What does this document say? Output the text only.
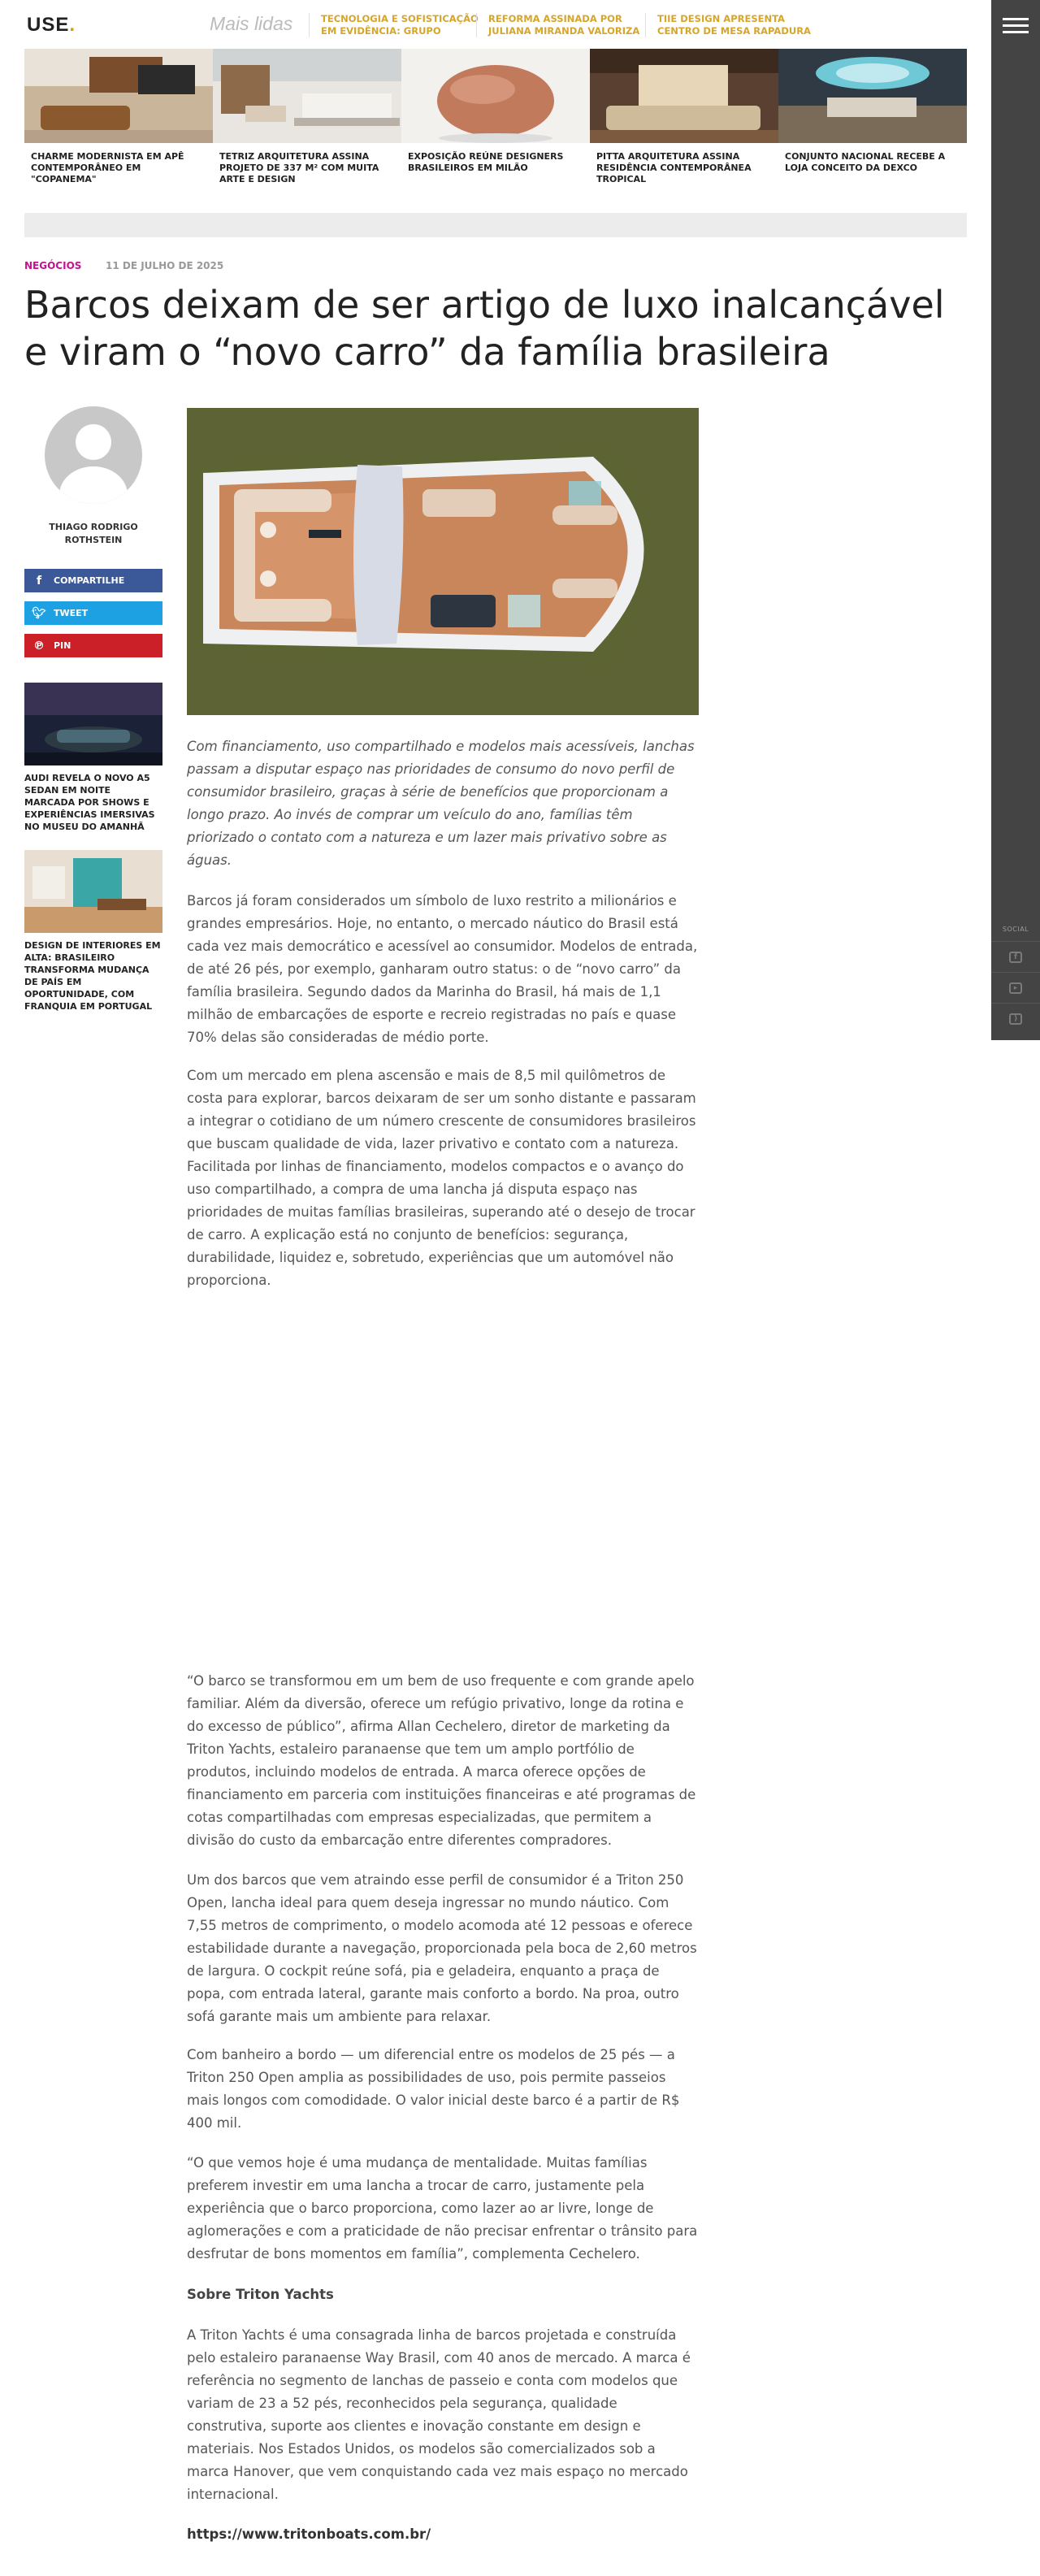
SOCIAL
f
▸
)
USE.	Mais lidas	TECNOLOGIA E SOFISTICAÇÃO EM EVIDÊNCIA: GRUPO
REFORMA ASSINADA POR JULIANA MIRANDA VALORIZA
TIIE DESIGN APRESENTA CENTRO DE MESA RAPADURA
CHARME MODERNISTA EM APÊ CONTEMPORÂNEO EM "COPANEMA"
TETRIZ ARQUITETURA ASSINA PROJETO DE 337 M² COM MUITA ARTE E DESIGN
EXPOSIÇÃO REÚNE DESIGNERS BRASILEIROS EM MILÃO
PITTA ARQUITETURA ASSINA RESIDÊNCIA CONTEMPORÂNEA TROPICAL
CONJUNTO NACIONAL RECEBE A LOJA CONCEITO DA DEXCO
NEGÓCIOS 11 DE JULHO DE 2025
Barcos deixam de ser artigo de luxo inalcançável e viram o “novo carro” da família brasileira
THIAGO RODRIGO ROTHSTEIN
f	COMPARTILHE
🐦︎ TWEET
℗	PIN
AUDI REVELA O NOVO A5 SEDAN EM NOITE MARCADA POR SHOWS E EXPERIÊNCIAS IMERSIVAS NO MUSEU DO AMANHÃ
DESIGN DE INTERIORES EM ALTA: BRASILEIRO TRANSFORMA MUDANÇA DE PAÍS EM OPORTUNIDADE, COM FRANQUIA EM PORTUGAL

Com financiamento, uso compartilhado e modelos mais acessíveis, lanchas passam a disputar espaço nas prioridades de consumo do novo perfil de consumidor brasileiro, graças à série de benefícios que proporcionam a longo prazo. Ao invés de comprar um veículo do ano, famílias têm priorizado o contato com a natureza e um lazer mais privativo sobre as águas.

Barcos já foram considerados um símbolo de luxo restrito a milionários e grandes empresários. Hoje, no entanto, o mercado náutico do Brasil está cada vez mais democrático e acessível ao consumidor. Modelos de entrada, de até 26 pés, por exemplo, ganharam outro status: o de “novo carro” da família brasileira. Segundo dados da Marinha do Brasil, há mais de 1,1 milhão de embarcações de esporte e recreio registradas no país e quase 70% delas são consideradas de médio porte.

Com um mercado em plena ascensão e mais de 8,5 mil quilômetros de costa para explorar, barcos deixaram de ser um sonho distante e passaram a integrar o cotidiano de um número crescente de consumidores brasileiros que buscam qualidade de vida, lazer privativo e contato com a natureza. Facilitada por linhas de financiamento, modelos compactos e o avanço do uso compartilhado, a compra de uma lancha já disputa espaço nas prioridades de muitas famílias brasileiras, superando até o desejo de trocar de carro. A explicação está no conjunto de benefícios: segurança, durabilidade, liquidez e, sobretudo, experiências que um automóvel não proporciona.

“O barco se transformou em um bem de uso frequente e com grande apelo familiar. Além da diversão, oferece um refúgio privativo, longe da rotina e do excesso de público”, afirma Allan Cechelero, diretor de marketing da Triton Yachts, estaleiro paranaense que tem um amplo portfólio de produtos, incluindo modelos de entrada. A marca oferece opções de financiamento em parceria com instituições financeiras e até programas de cotas compartilhadas com empresas especializadas, que permitem a divisão do custo da embarcação entre diferentes compradores.

Um dos barcos que vem atraindo esse perfil de consumidor é a Triton 250 Open, lancha ideal para quem deseja ingressar no mundo náutico. Com 7,55 metros de comprimento, o modelo acomoda até 12 pessoas e oferece estabilidade durante a navegação, proporcionada pela boca de 2,60 metros de largura. O cockpit reúne sofá, pia e geladeira, enquanto a praça de popa, com entrada lateral, garante mais conforto a bordo. Na proa, outro sofá garante mais um ambiente para relaxar.

Com banheiro a bordo — um diferencial entre os modelos de 25 pés — a Triton 250 Open amplia as possibilidades de uso, pois permite passeios mais longos com comodidade. O valor inicial deste barco é a partir de R$ 400 mil.

“O que vemos hoje é uma mudança de mentalidade. Muitas famílias preferem investir em uma lancha a trocar de carro, justamente pela experiência que o barco proporciona, como lazer ao ar livre, longe de aglomerações e com a praticidade de não precisar enfrentar o trânsito para desfrutar de bons momentos em família”, complementa Cechelero.

Sobre Triton Yachts

A Triton Yachts é uma consagrada linha de barcos projetada e construída pelo estaleiro paranaense Way Brasil, com 40 anos de mercado. A marca é referência no segmento de lanchas de passeio e conta com modelos que variam de 23 a 52 pés, reconhecidos pela segurança, qualidade construtiva, suporte aos clientes e inovação constante em design e materiais. Nos Estados Unidos, os modelos são comercializados sob a marca Hanover, que vem conquistando cada vez mais espaço no mercado internacional.

https://www.tritonboats.com.br/
